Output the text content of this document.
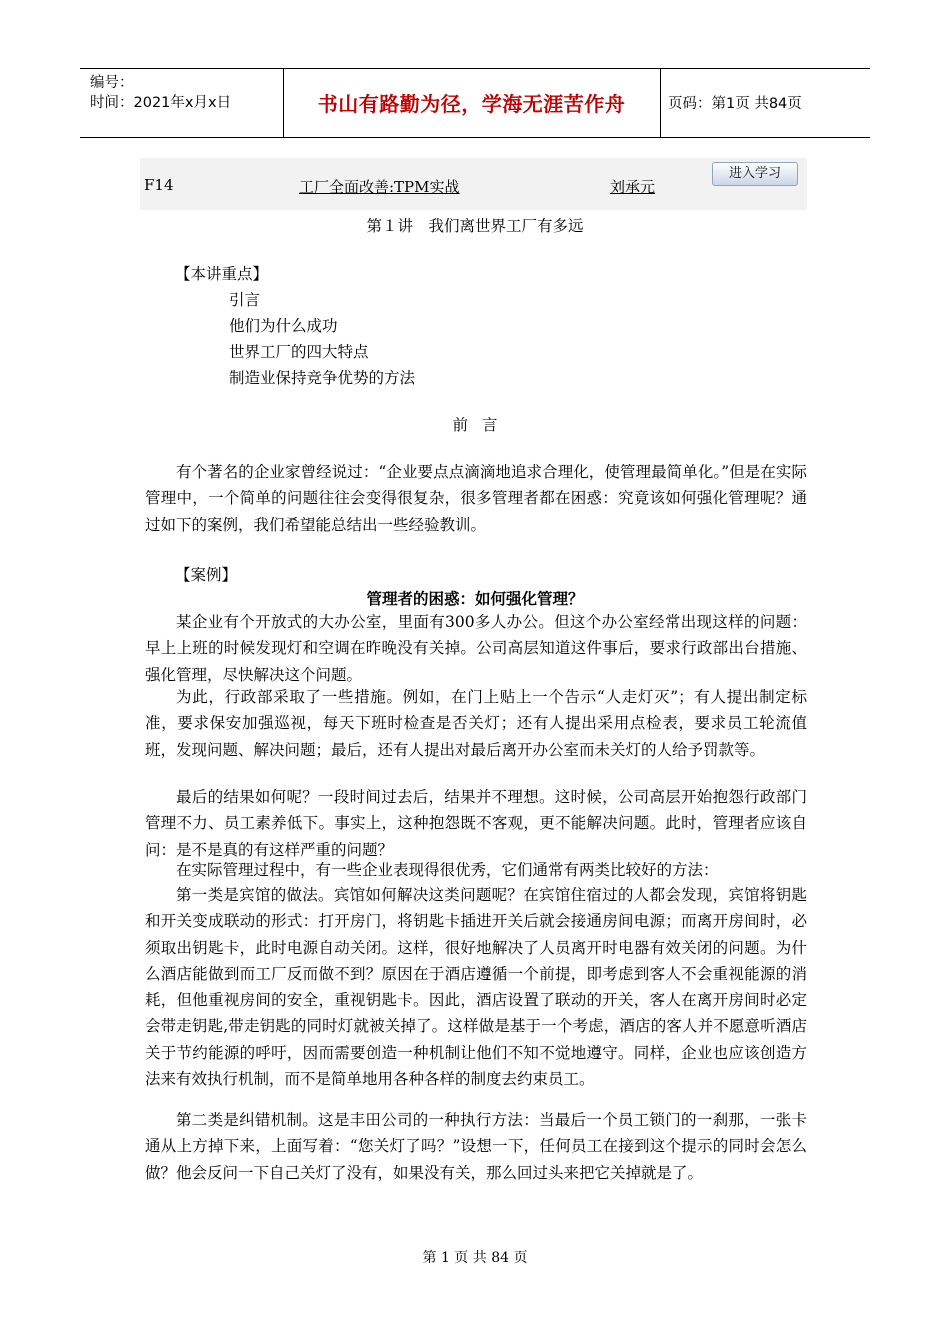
编号：
时间：2021年x月x日	书山有路勤为径，学海无涯苦作舟	页码：第1页 共84页
F14	工厂全面改善:TPM实战	刘承元
进入学习
第１讲　我们离世界工厂有多远
【本讲重点】
引言
他们为什么成功
世界工厂的四大特点
制造业保持竞争优势的方法
前言

有个著名的企业家曾经说过：“企业要点点滴滴地追求合理化，使管理最简单化。”但是在实际管理中，一个简单的问题往往会变得很复杂，很多管理者都在困惑：究竟该如何强化管理呢？通过如下的案例，我们希望能总结出一些经验教训。

【案例】
管理者的困惑：如何强化管理？

某企业有个开放式的大办公室，里面有300多人办公。但这个办公室经常出现这样的问题：早上上班的时候发现灯和空调在昨晚没有关掉。公司高层知道这件事后，要求行政部出台措施、强化管理，尽快解决这个问题。

为此，行政部采取了一些措施。例如，在门上贴上一个告示“人走灯灭”；有人提出制定标准，要求保安加强巡视，每天下班时检查是否关灯；还有人提出采用点检表，要求员工轮流值班，发现问题、解决问题；最后，还有人提出对最后离开办公室而未关灯的人给予罚款等。

最后的结果如何呢？一段时间过去后，结果并不理想。这时候，公司高层开始抱怨行政部门管理不力、员工素养低下。事实上，这种抱怨既不客观，更不能解决问题。此时，管理者应该自问：是不是真的有这样严重的问题？

在实际管理过程中，有一些企业表现得很优秀，它们通常有两类比较好的方法：

第一类是宾馆的做法。宾馆如何解决这类问题呢？在宾馆住宿过的人都会发现，宾馆将钥匙和开关变成联动的形式：打开房门，将钥匙卡插进开关后就会接通房间电源；而离开房间时，必须取出钥匙卡，此时电源自动关闭。这样，很好地解决了人员离开时电器有效关闭的问题。为什么酒店能做到而工厂反而做不到？原因在于酒店遵循一个前提，即考虑到客人不会重视能源的消耗，但他重视房间的安全，重视钥匙卡。因此，酒店设置了联动的开关，客人在离开房间时必定会带走钥匙,带走钥匙的同时灯就被关掉了。这样做是基于一个考虑，酒店的客人并不愿意听酒店关于节约能源的呼吁，因而需要创造一种机制让他们不知不觉地遵守。同样，企业也应该创造方法来有效执行机制，而不是简单地用各种各样的制度去约束员工。

第二类是纠错机制。这是丰田公司的一种执行方法：当最后一个员工锁门的一刹那，一张卡通从上方掉下来，上面写着：“您关灯了吗？”设想一下，任何员工在接到这个提示的同时会怎么做？他会反问一下自己关灯了没有，如果没有关，那么回过头来把它关掉就是了。

第 1 页 共 84 页
